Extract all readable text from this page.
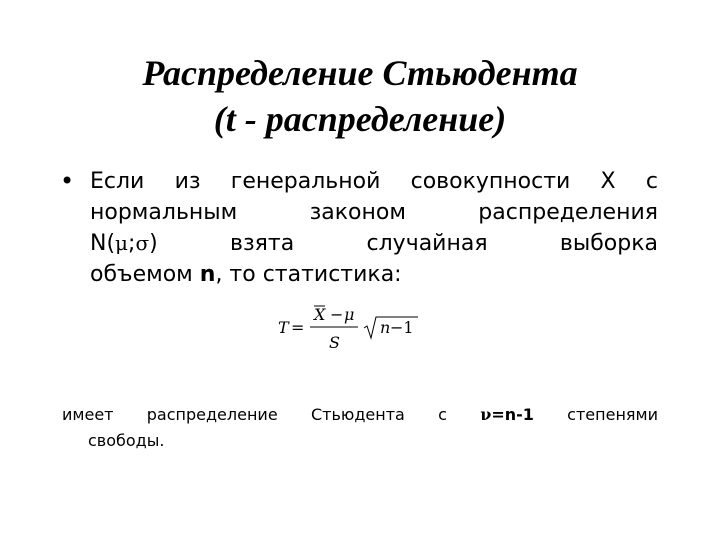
Распределение Стьюдента
(t - распределение)
• Если из генеральной совокупности X с
нормальным	законом	распределения
N(μ;σ)	взята	случайная	выборка
объемом n, то статистика:
T =
X − μ
S
n −1
имеет распределение Стьюдента с ν=n-1 степенями
свободы.
